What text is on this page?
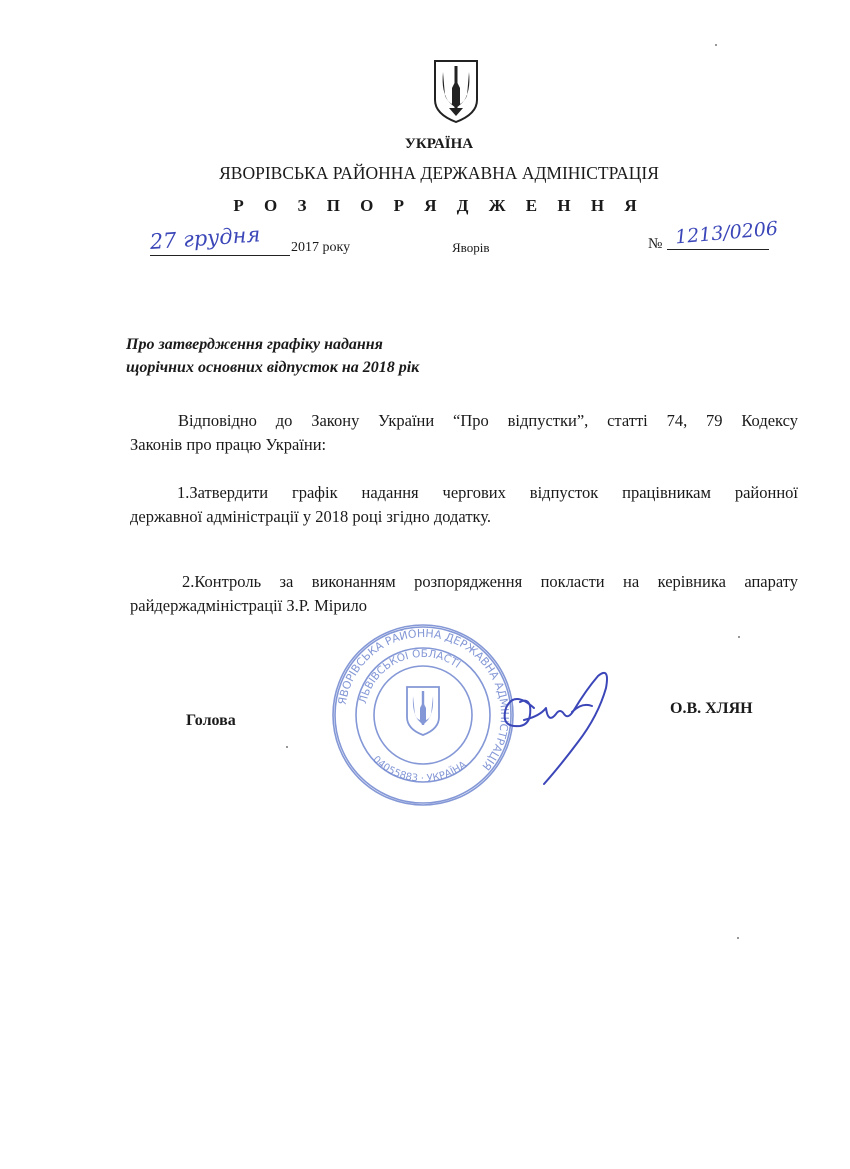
УКРАЇНА
ЯВОРІВСЬКА РАЙОННА ДЕРЖАВНА АДМІНІСТРАЦІЯ
Р О З П О Р Я Д Ж Е Н Н Я
27 грудня	2017 року	Яворів	№ 1213/0206
Про затвердження графіку надання
щорічних основних відпусток на 2018 рік
Відповідно до Закону України “Про відпустки”, статті 74, 79 Кодексу
Законів про працю України:
1.Затвердити графік надання чергових відпусток працівникам районної
державної адміністрації у 2018 році згідно додатку.
2.Контроль за виконанням розпорядження покласти на керівника апарату
райдержадміністрації З.Р. Мірило
ЯВОРІВСЬКА РАЙОННА ДЕРЖАВНА АДМІНІСТРАЦІЯ
ЛЬВІВСЬКОЇ ОБЛАСТІ
04055883 · УКРАЇНА
Голова
О.В. ХЛЯН
